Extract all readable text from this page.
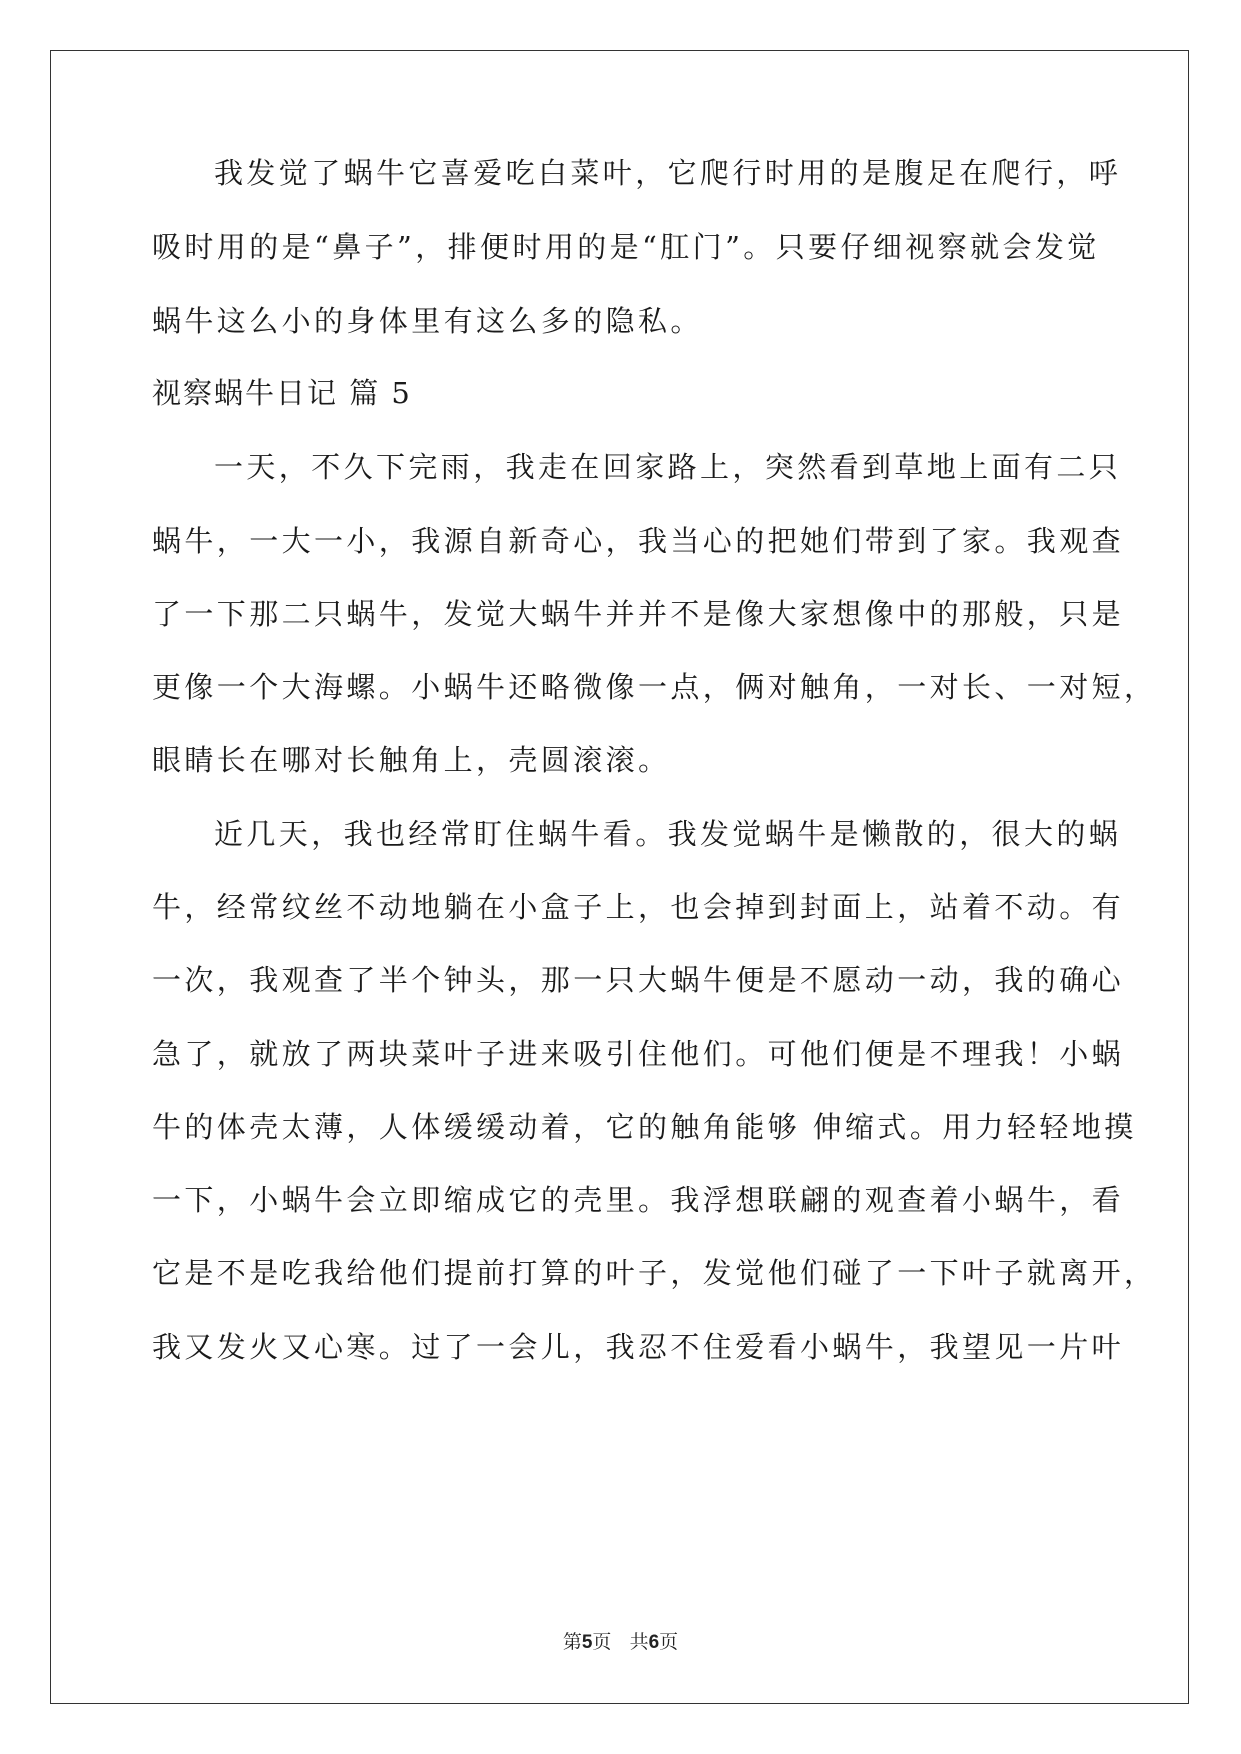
我发觉了蜗牛它喜爱吃白菜叶，它爬行时用的是腹足在爬行，呼
吸时用的是“鼻子”，排便时用的是“肛门”。只要仔细视察就会发觉
蜗牛这么小的身体里有这么多的隐私。
视察蜗牛日记 篇 5
一天，不久下完雨，我走在回家路上，突然看到草地上面有二只
蜗牛，一大一小，我源自新奇心，我当心的把她们带到了家。我观查
了一下那二只蜗牛，发觉大蜗牛并并不是像大家想像中的那般，只是
更像一个大海螺。小蜗牛还略微像一点，俩对触角，一对长、一对短，
眼睛长在哪对长触角上，壳圆滚滚。
近几天，我也经常盯住蜗牛看。我发觉蜗牛是懒散的，很大的蜗
牛，经常纹丝不动地躺在小盒子上，也会掉到封面上，站着不动。有
一次，我观查了半个钟头，那一只大蜗牛便是不愿动一动，我的确心
急了，就放了两块菜叶子进来吸引住他们。可他们便是不理我！小蜗
牛的体壳太薄，人体缓缓动着，它的触角能够 伸缩式。用力轻轻地摸
一下，小蜗牛会立即缩成它的壳里。我浮想联翩的观查着小蜗牛，看
它是不是吃我给他们提前打算的叶子，发觉他们碰了一下叶子就离开，
我又发火又心寒。过了一会儿，我忍不住爱看小蜗牛，我望见一片叶
第5页 共6页
